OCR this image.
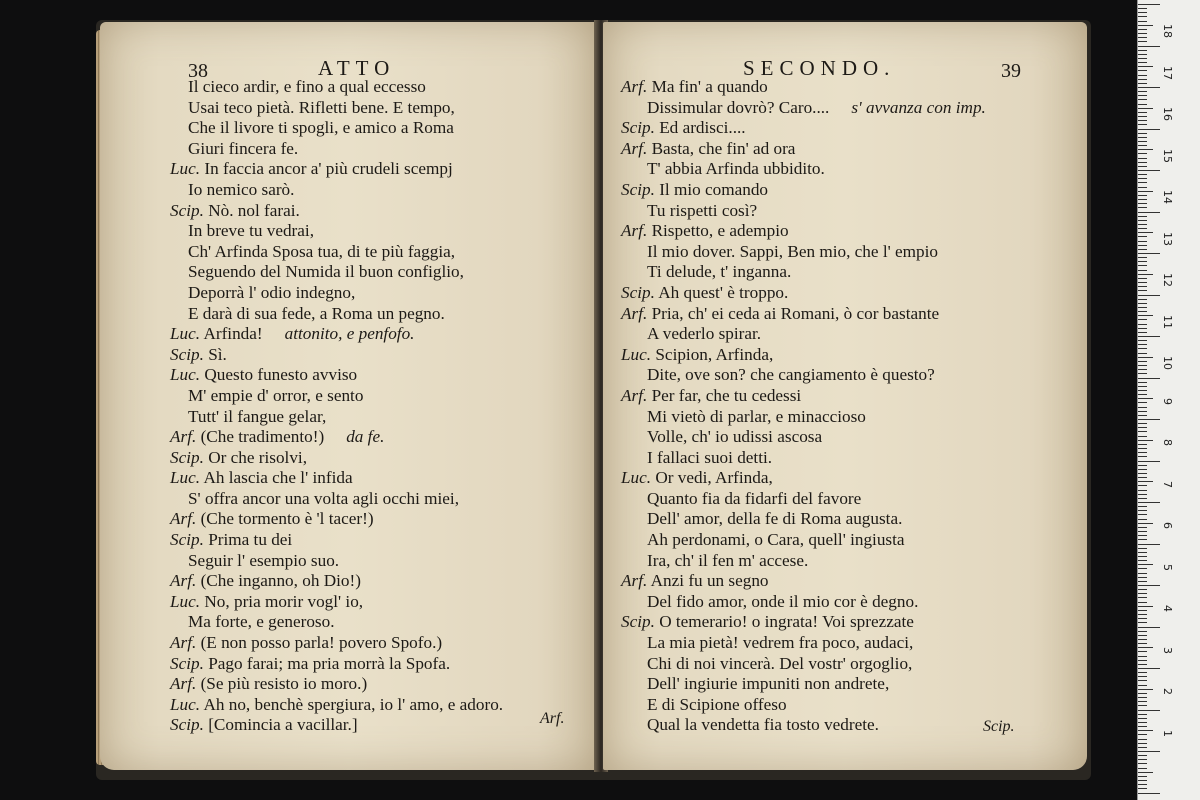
38	ATTO
Il cieco ardir, e fino a qual eccesso
Usai teco pietà. Rifletti bene. E tempo,
Che il livore ti spogli, e amico a Roma
Giuri fincera fe.
Luc. In faccia ancor a' più crudeli scempj
Io nemico sarò.
Scip. Nò. nol farai.
In breve tu vedrai,
Ch' Arfinda Sposa tua, di te più faggia,
Seguendo del Numida il buon configlio,
Deporrà l' odio indegno,
E darà di sua fede, a Roma un pegno.
Luc. Arfinda! attonito, e penfofo.
Scip. Sì.
Luc. Questo funesto avviso
M' empie d' orror, e sento
Tutt' il fangue gelar,
Arf. (Che tradimento!) da fe.
Scip. Or che risolvi,
Luc. Ah lascia che l' infida
S' offra ancor una volta agli occhi miei,
Arf. (Che tormento è 'l tacer!)
Scip. Prima tu dei
Seguir l' esempio suo.
Arf. (Che inganno, oh Dio!)
Luc. No, pria morir vogl' io,
Ma forte, e generoso.
Arf. (E non posso parla! povero Spofo.)
Scip. Pago farai; ma pria morrà la Spofa.
Arf. (Se più resisto io moro.)
Luc. Ah no, benchè spergiura, io l' amo, e adoro.
Scip. [Comincia a vacillar.]	Arf.
SECONDO.	39
Arf. Ma fin' a quando
Dissimular dovrò? Caro.... s' avvanza con imp.
Scip. Ed ardisci....
Arf. Basta, che fin' ad ora
T' abbia Arfinda ubbidito.
Scip. Il mio comando
Tu rispetti così?
Arf. Rispetto, e adempio
Il mio dover. Sappi, Ben mio, che l' empio
Ti delude, t' inganna.
Scip. Ah quest' è troppo.
Arf. Pria, ch' ei ceda ai Romani, ò cor bastante
A vederlo spirar.
Luc. Scipion, Arfinda,
Dite, ove son? che cangiamento è questo?
Arf. Per far, che tu cedessi
Mi vietò di parlar, e minaccioso
Volle, ch' io udissi ascosa
I fallaci suoi detti.
Luc. Or vedi, Arfinda,
Quanto fia da fidarfi del favore
Dell' amor, della fe di Roma augusta.
Ah perdonami, o Cara, quell' ingiusta
Ira, ch' il fen m' accese.
Arf. Anzi fu un segno
Del fido amor, onde il mio cor è degno.
Scip. O temerario! o ingrata! Voi sprezzate
La mia pietà! vedrem fra poco, audaci,
Chi di noi vincerà. Del vostr' orgoglio,
Dell' ingiurie impuniti non andrete,
E di Scipione offeso
Qual la vendetta fia tosto vedrete.	Scip.
18
17
16
15
14
13
12
11
10
9
8
7
6
5
4
3
2
1
